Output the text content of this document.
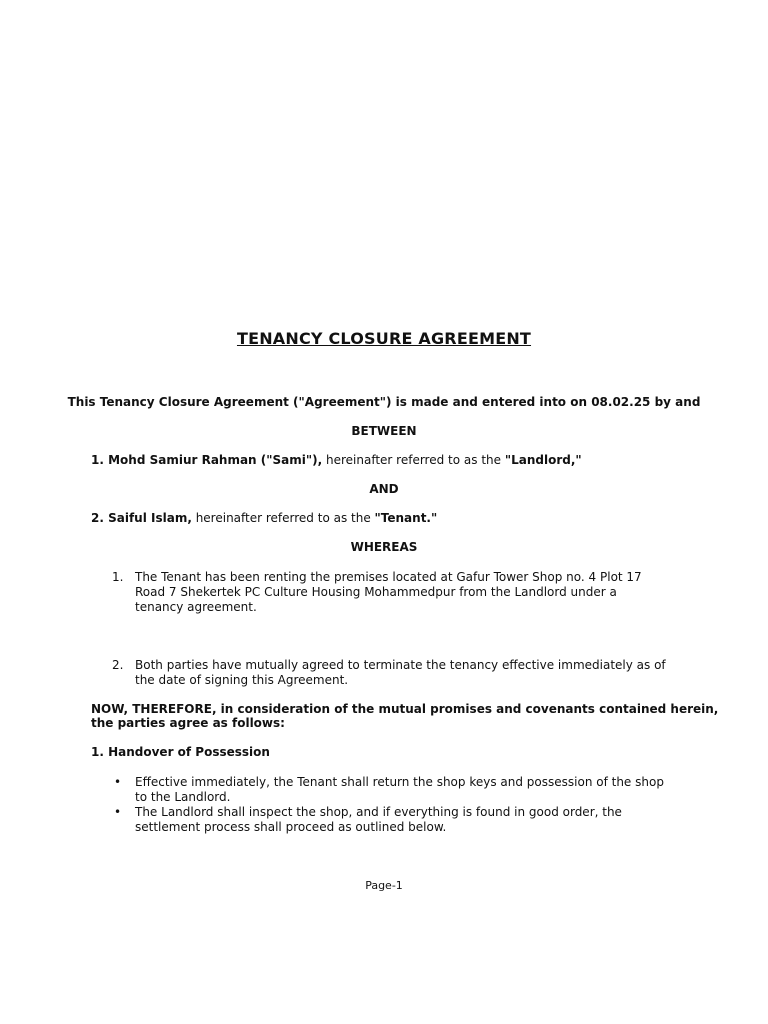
TENANCY CLOSURE AGREEMENT
This Tenancy Closure Agreement ("Agreement") is made and entered into on 08.02.25 by and
BETWEEN
1. Mohd Samiur Rahman ("Sami"), hereinafter referred to as the "Landlord,"
AND
2. Saiful Islam, hereinafter referred to as the "Tenant."
WHEREAS
1. The Tenant has been renting the premises located at Gafur Tower Shop no. 4 Plot 17
Road 7 Shekertek PC Culture Housing Mohammedpur from the Landlord under a
tenancy agreement.
2. Both parties have mutually agreed to terminate the tenancy effective immediately as of
the date of signing this Agreement.
NOW, THEREFORE, in consideration of the mutual promises and covenants contained herein,
the parties agree as follows:
1. Handover of Possession
• Effective immediately, the Tenant shall return the shop keys and possession of the shop
to the Landlord.
• The Landlord shall inspect the shop, and if everything is found in good order, the
settlement process shall proceed as outlined below.
Page-1
